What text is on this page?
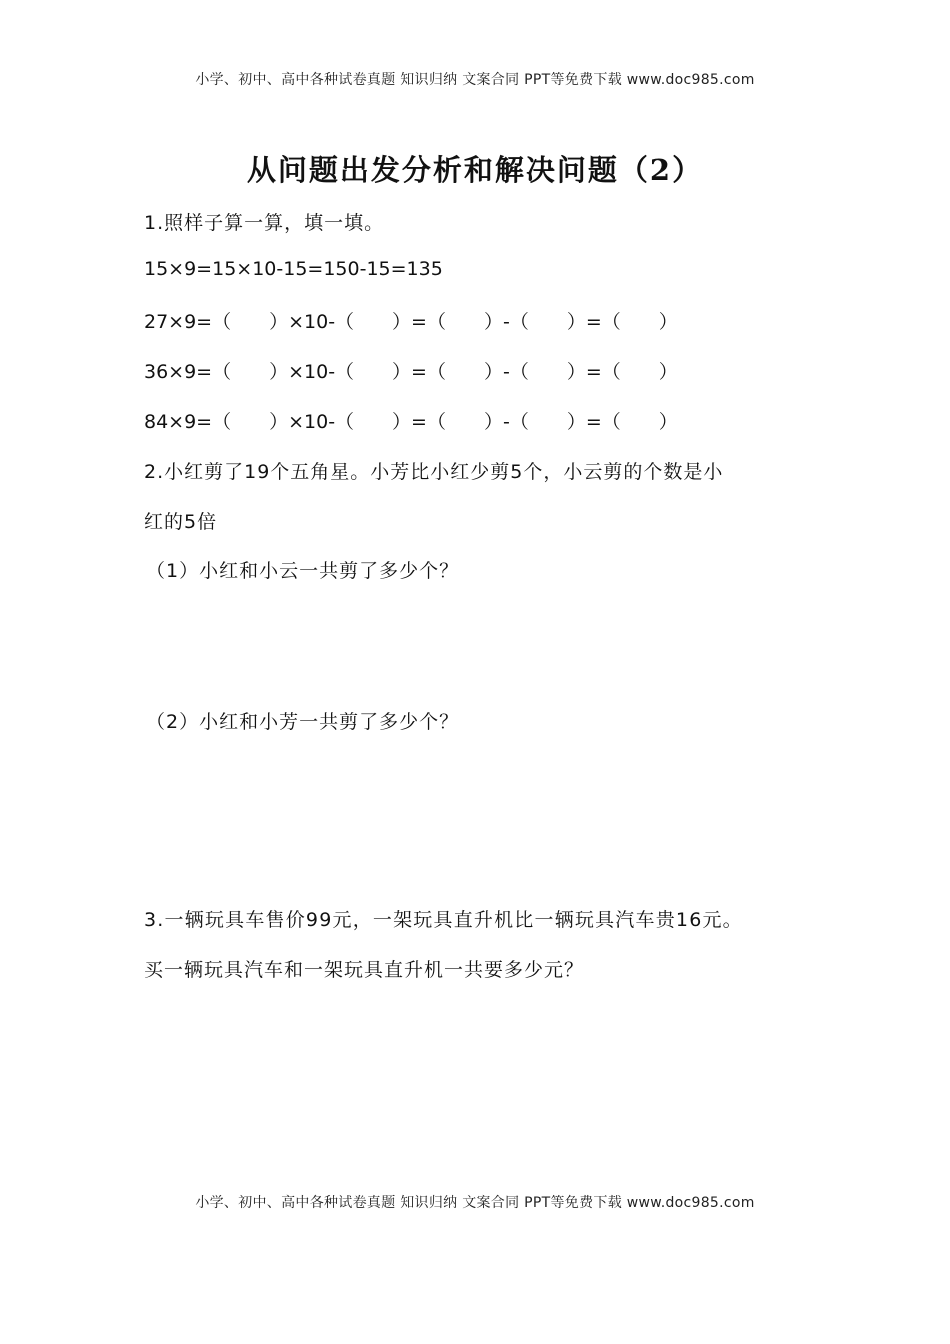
小学、初中、高中各种试卷真题 知识归纳 文案合同 PPT等免费下载 www.doc985.com
从问题出发分析和解决问题（2）
1.照样子算一算，填一填。
15×9=15×10-15=150-15=135
27×9=（　　）×10-（　　）=（　　）-（　　）=（　　）
36×9=（　　）×10-（　　）=（　　）-（　　）=（　　）
84×9=（　　）×10-（　　）=（　　）-（　　）=（　　）
2.小红剪了19个五角星。小芳比小红少剪5个，小云剪的个数是小
红的5倍
（1）小红和小云一共剪了多少个？
（2）小红和小芳一共剪了多少个？
3.一辆玩具车售价99元，一架玩具直升机比一辆玩具汽车贵16元。
买一辆玩具汽车和一架玩具直升机一共要多少元？
小学、初中、高中各种试卷真题 知识归纳 文案合同 PPT等免费下载 www.doc985.com
